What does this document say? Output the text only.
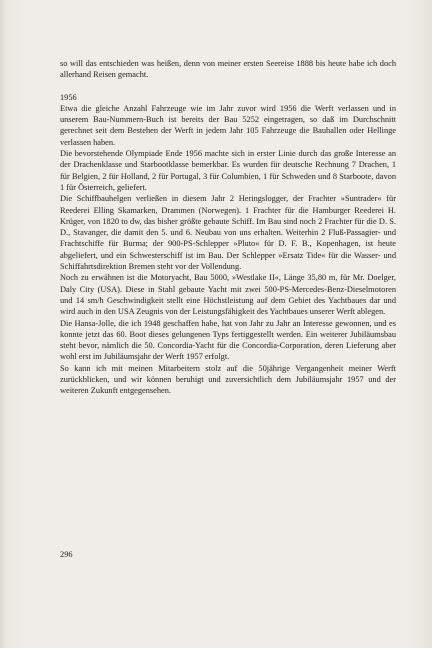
so will das entschieden was heißen, denn von meiner ersten Seereise 1888 bis heute habe ich doch allerhand Reisen gemacht.

1956

Etwa die gleiche Anzahl Fahrzeuge wie im Jahr zuvor wird 1956 die Werft verlassen und in unserem Bau-Nummern-Buch ist bereits der Bau 5252 eingetragen, so daß im Durchschnitt gerechnet seit dem Bestehen der Werft in jedem Jahr 105 Fahrzeuge die Bauhallen oder Hellinge verlassen haben.

Die bevorstehende Olympiade Ende 1956 machte sich in erster Linie durch das große Interesse an der Drachenklasse und Starbootklasse bemerkbar. Es wurden für deutsche Rechnung 7 Drachen, 1 für Belgien, 2 für Holland, 2 für Portugal, 3 für Columbien, 1 für Schweden und 8 Starboote, davon 1 für Österreich, geliefert.

Die Schiffbauhelgen verließen in diesem Jahr 2 Heringslogger, der Frachter »Suntrader« für Reederei Elling Skamarken, Drammen (Norwegen). 1 Frachter für die Hamburger Reederei H. Krüger, von 1820 to dw, das bisher größte gebaute Schiff. Im Bau sind noch 2 Frachter für die D. S. D., Stavanger, die damit den 5. und 6. Neubau von uns erhalten. Weiterhin 2 Fluß-Passagier- und Frachtschiffe für Burma; der 900-PS-Schlepper »Pluto« für D. F. B., Kopenhagen, ist heute abgeliefert, und ein Schwesterschiff ist im Bau. Der Schlepper »Ersatz Tide« für die Wasser- und Schiffahrtsdirektion Bremen steht vor der Vollendung.

Noch zu erwähnen ist die Motoryacht, Bau 5000, »Westlake II«, Länge 35,80 m, für Mr. Doelger, Daly City (USA). Diese in Stahl gebaute Yacht mit zwei 500-PS-Mercedes-Benz-Dieselmotoren und 14 sm/h Geschwindigkeit stellt eine Höchstleistung auf dem Gebiet des Yachtbaues dar und wird auch in den USA Zeugnis von der Leistungsfähigkeit des Yachtbaues unserer Werft ablegen.

Die Hansa-Jolle, die ich 1948 geschaffen habe, hat von Jahr zu Jahr an Interesse gewonnen, und es konnte jetzt das 60. Boot dieses gelungenen Typs fertiggestellt werden. Ein weiterer Jubiläumsbau steht bevor, nämlich die 50. Concordia-Yacht für die Concordia-Corporation, deren Lieferung aber wohl erst im Jubiläumsjahr der Werft 1957 erfolgt.

So kann ich mit meinen Mitarbeitern stolz auf die 50jährige Vergangenheit meiner Werft zurückblicken, und wir können beruhigt und zuversichtlich dem Jubiläumsjahr 1957 und der weiteren Zukunft entgegensehen.

296
